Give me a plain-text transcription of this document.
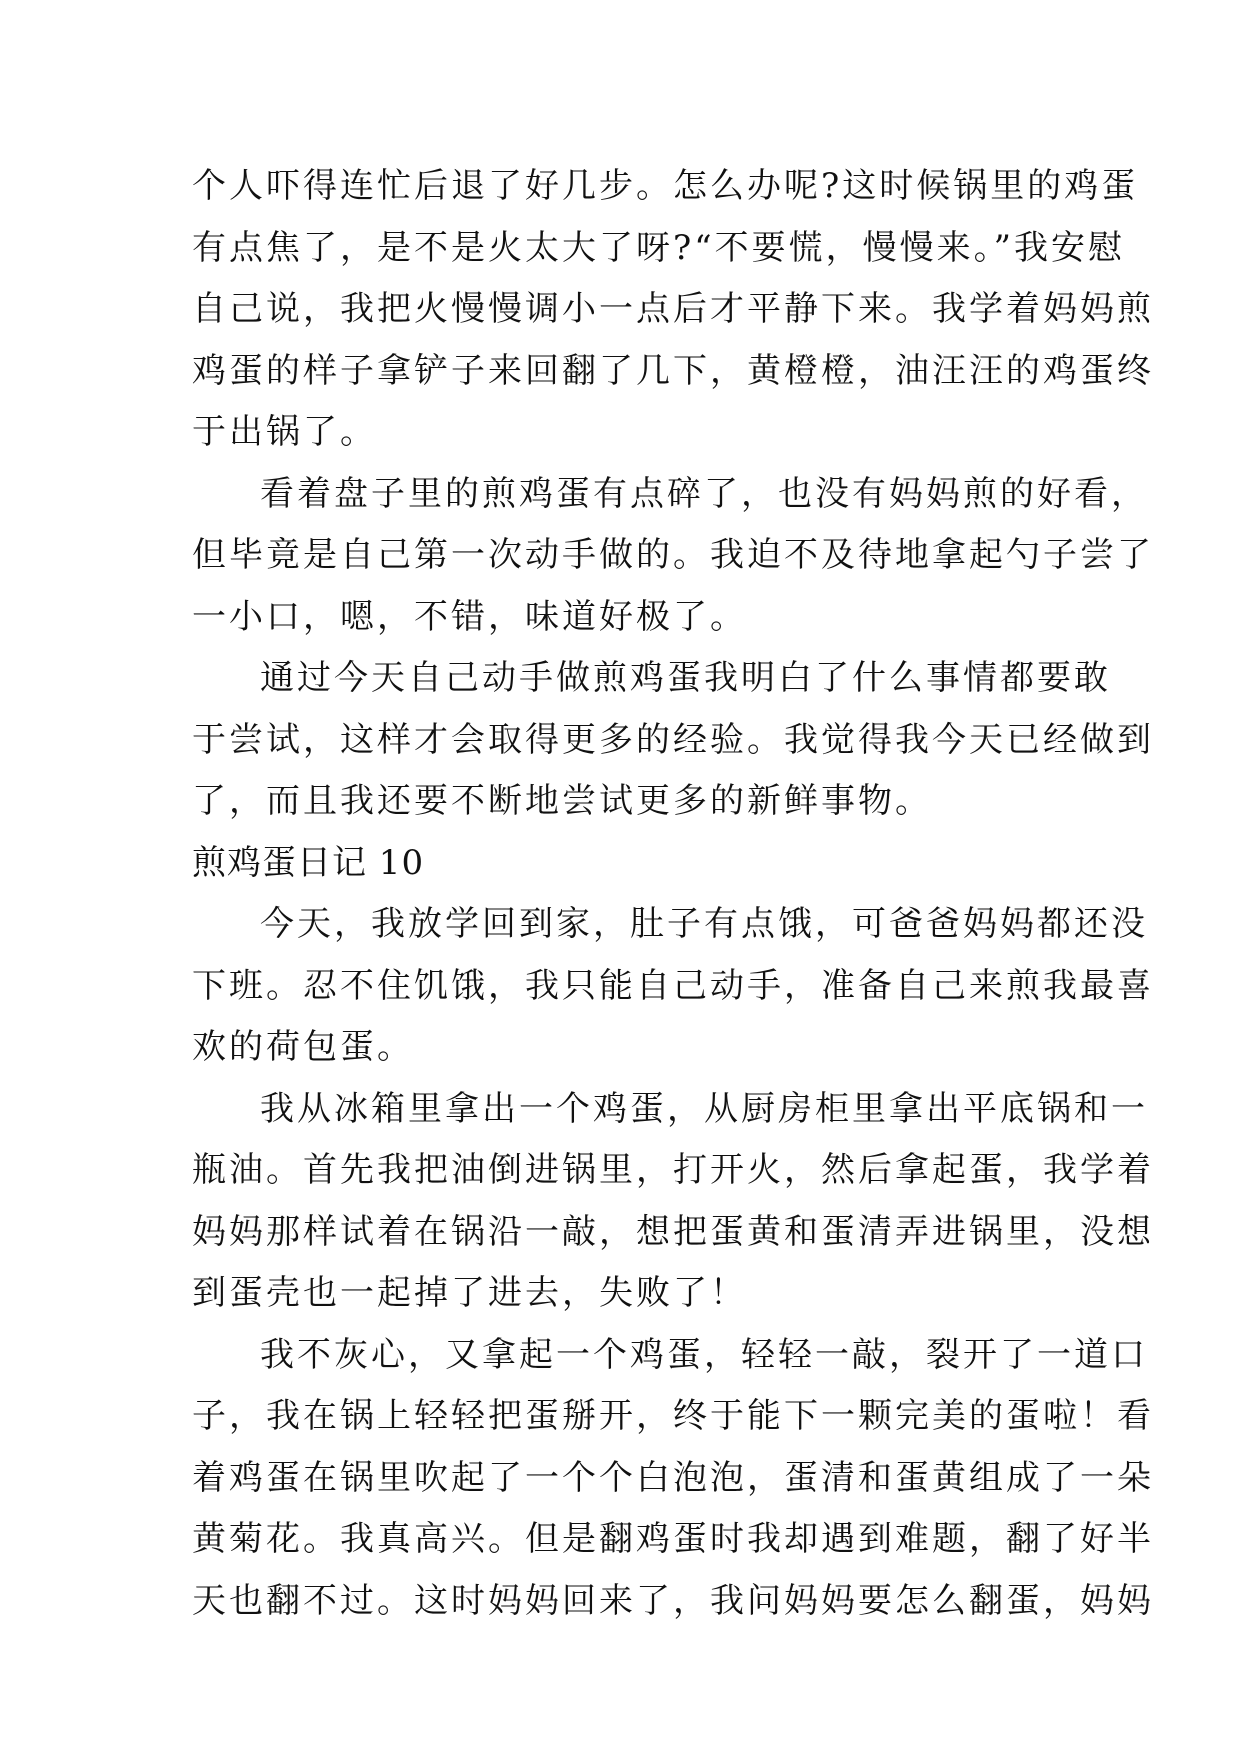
个人吓得连忙后退了好几步。怎么办呢?这时候锅里的鸡蛋
有点焦了，是不是火太大了呀?“不要慌，慢慢来。”我安慰
自己说，我把火慢慢调小一点后才平静下来。我学着妈妈煎
鸡蛋的样子拿铲子来回翻了几下，黄橙橙，油汪汪的鸡蛋终
于出锅了。
看着盘子里的煎鸡蛋有点碎了，也没有妈妈煎的好看，
但毕竟是自己第一次动手做的。我迫不及待地拿起勺子尝了
一小口，嗯，不错，味道好极了。
通过今天自己动手做煎鸡蛋我明白了什么事情都要敢
于尝试，这样才会取得更多的经验。我觉得我今天已经做到
了，而且我还要不断地尝试更多的新鲜事物。
煎鸡蛋日记 10
今天，我放学回到家，肚子有点饿，可爸爸妈妈都还没
下班。忍不住饥饿，我只能自己动手，准备自己来煎我最喜
欢的荷包蛋。
我从冰箱里拿出一个鸡蛋，从厨房柜里拿出平底锅和一
瓶油。首先我把油倒进锅里，打开火，然后拿起蛋，我学着
妈妈那样试着在锅沿一敲，想把蛋黄和蛋清弄进锅里，没想
到蛋壳也一起掉了进去，失败了！
我不灰心，又拿起一个鸡蛋，轻轻一敲，裂开了一道口
子，我在锅上轻轻把蛋掰开，终于能下一颗完美的蛋啦！看
着鸡蛋在锅里吹起了一个个白泡泡，蛋清和蛋黄组成了一朵
黄菊花。我真高兴。但是翻鸡蛋时我却遇到难题，翻了好半
天也翻不过。这时妈妈回来了，我问妈妈要怎么翻蛋，妈妈
